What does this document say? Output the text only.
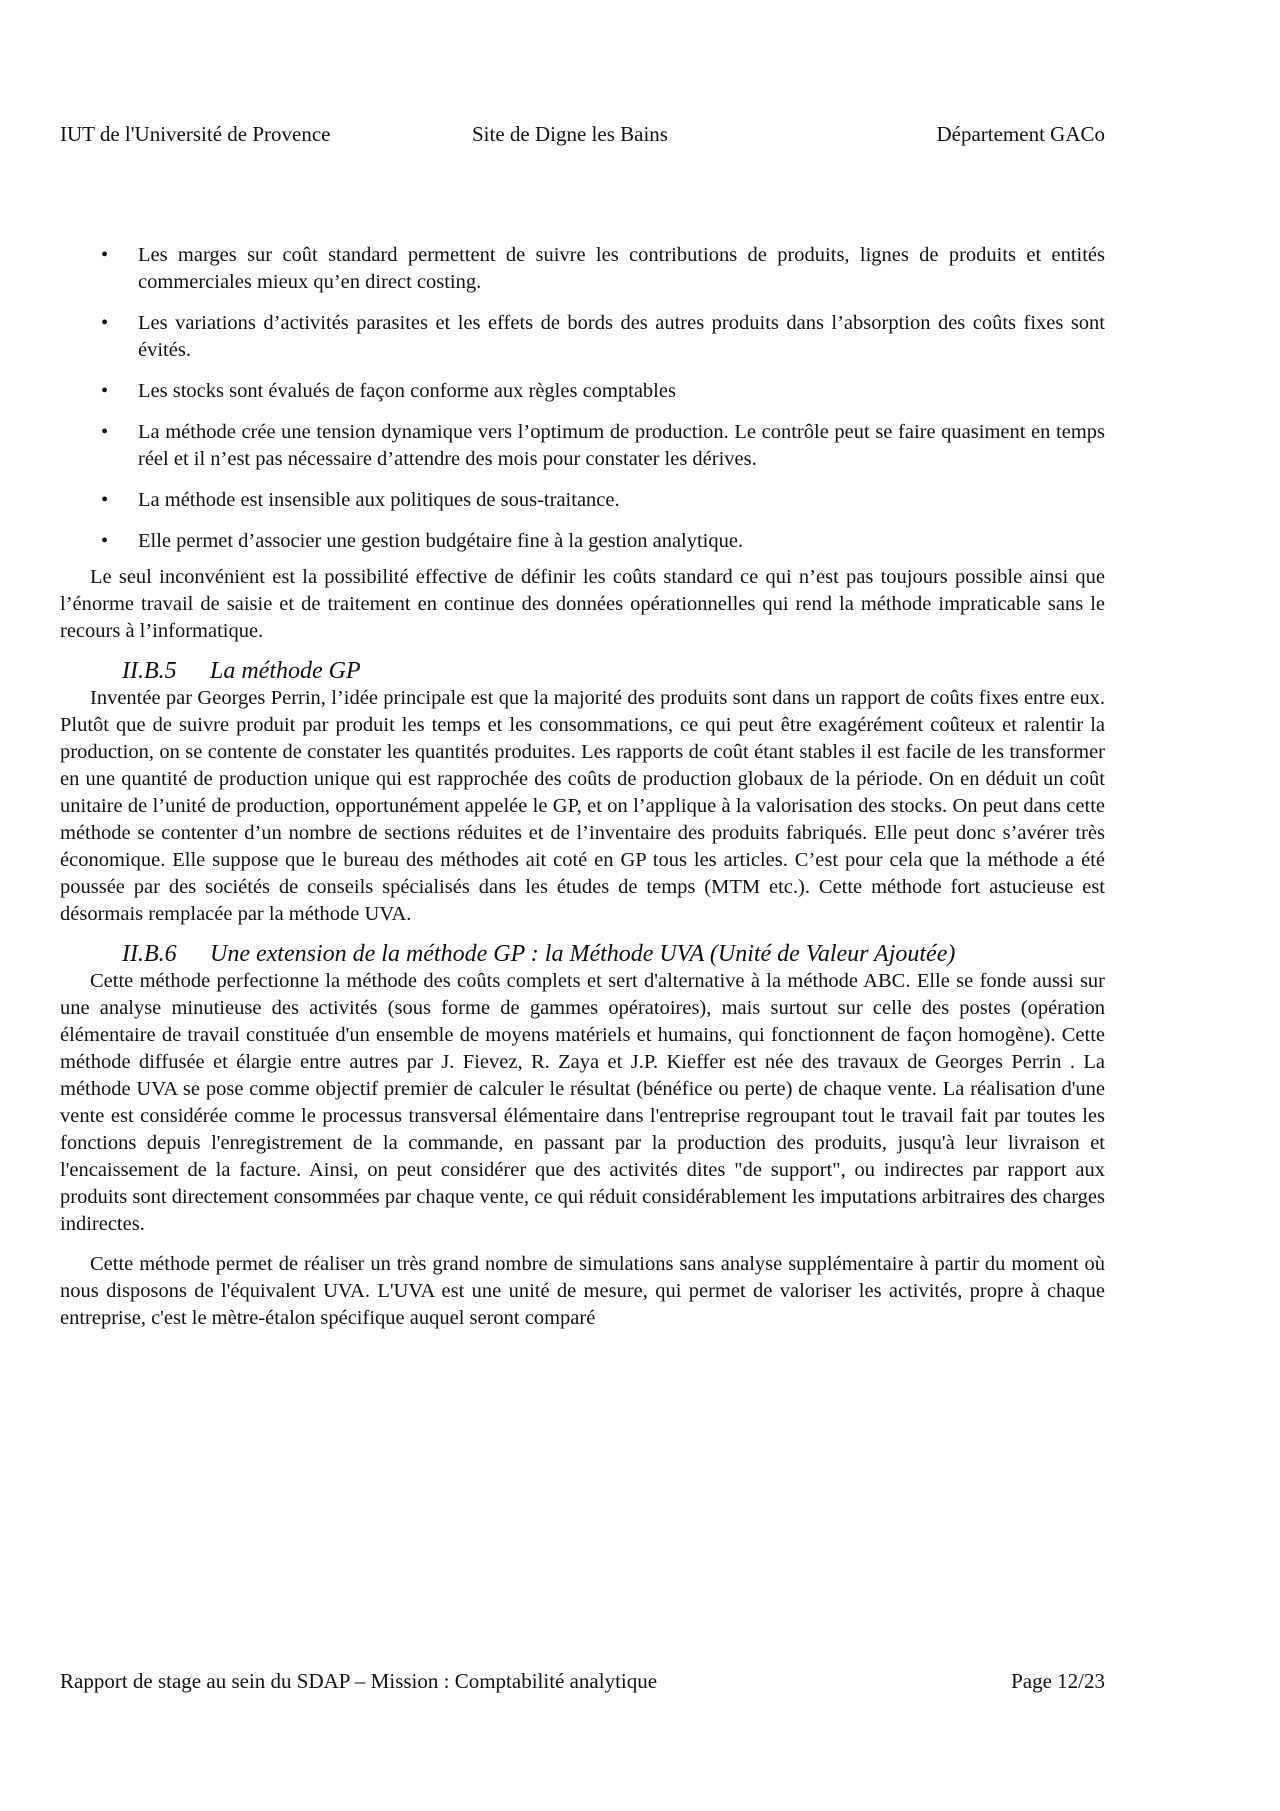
IUT de l'Université de Provence	Site de Digne les Bains	Département GACo
• Les marges sur coût standard permettent de suivre les contributions de produits, lignes de produits et entités commerciales mieux qu’en direct costing.
• Les variations d’activités parasites et les effets de bords des autres produits dans l’absorption des coûts fixes sont évités.
• Les stocks sont évalués de façon conforme aux règles comptables
• La méthode crée une tension dynamique vers l’optimum de production. Le contrôle peut se faire quasiment en temps réel et il n’est pas nécessaire d’attendre des mois pour constater les dérives.
• La méthode est insensible aux politiques de sous-traitance.
• Elle permet d’associer une gestion budgétaire fine à la gestion analytique.

Le seul inconvénient est la possibilité effective de définir les coûts standard ce qui n’est pas toujours possible ainsi que l’énorme travail de saisie et de traitement en continue des données opérationnelles qui rend la méthode impraticable sans le recours à l’informatique.

II.B.5 La méthode GP

Inventée par Georges Perrin, l’idée principale est que la majorité des produits sont dans un rapport de coûts fixes entre eux. Plutôt que de suivre produit par produit les temps et les consommations, ce qui peut être exagérément coûteux et ralentir la production, on se contente de constater les quantités produites. Les rapports de coût étant stables il est facile de les transformer en une quantité de production unique qui est rapprochée des coûts de production globaux de la période. On en déduit un coût unitaire de l’unité de production, opportunément appelée le GP, et on l’applique à la valorisation des stocks. On peut dans cette méthode se contenter d’un nombre de sections réduites et de l’inventaire des produits fabriqués. Elle peut donc s’avérer très économique. Elle suppose que le bureau des méthodes ait coté en GP tous les articles. C’est pour cela que la méthode a été poussée par des sociétés de conseils spécialisés dans les études de temps (MTM etc.). Cette méthode fort astucieuse est désormais remplacée par la méthode UVA.

II.B.6 Une extension de la méthode GP : la Méthode UVA (Unité de Valeur Ajoutée)

Cette méthode perfectionne la méthode des coûts complets et sert d'alternative à la méthode ABC. Elle se fonde aussi sur une analyse minutieuse des activités (sous forme de gammes opératoires), mais surtout sur celle des postes (opération élémentaire de travail constituée d'un ensemble de moyens matériels et humains, qui fonctionnent de façon homogène). Cette méthode diffusée et élargie entre autres par J. Fievez, R. Zaya et J.P. Kieffer est née des travaux de Georges Perrin . La méthode UVA se pose comme objectif premier de calculer le résultat (bénéfice ou perte) de chaque vente. La réalisation d'une vente est considérée comme le processus transversal élémentaire dans l'entreprise regroupant tout le travail fait par toutes les fonctions depuis l'enregistrement de la commande, en passant par la production des produits, jusqu'à leur livraison et l'encaissement de la facture. Ainsi, on peut considérer que des activités dites "de support", ou indirectes par rapport aux produits sont directement consommées par chaque vente, ce qui réduit considérablement les imputations arbitraires des charges indirectes.

Cette méthode permet de réaliser un très grand nombre de simulations sans analyse supplémentaire à partir du moment où nous disposons de l'équivalent UVA. L'UVA est une unité de mesure, qui permet de valoriser les activités, propre à chaque entreprise, c'est le mètre-étalon spécifique auquel seront comparé

Rapport de stage au sein du SDAP – Mission : Comptabilité analytique	Page 12/23
